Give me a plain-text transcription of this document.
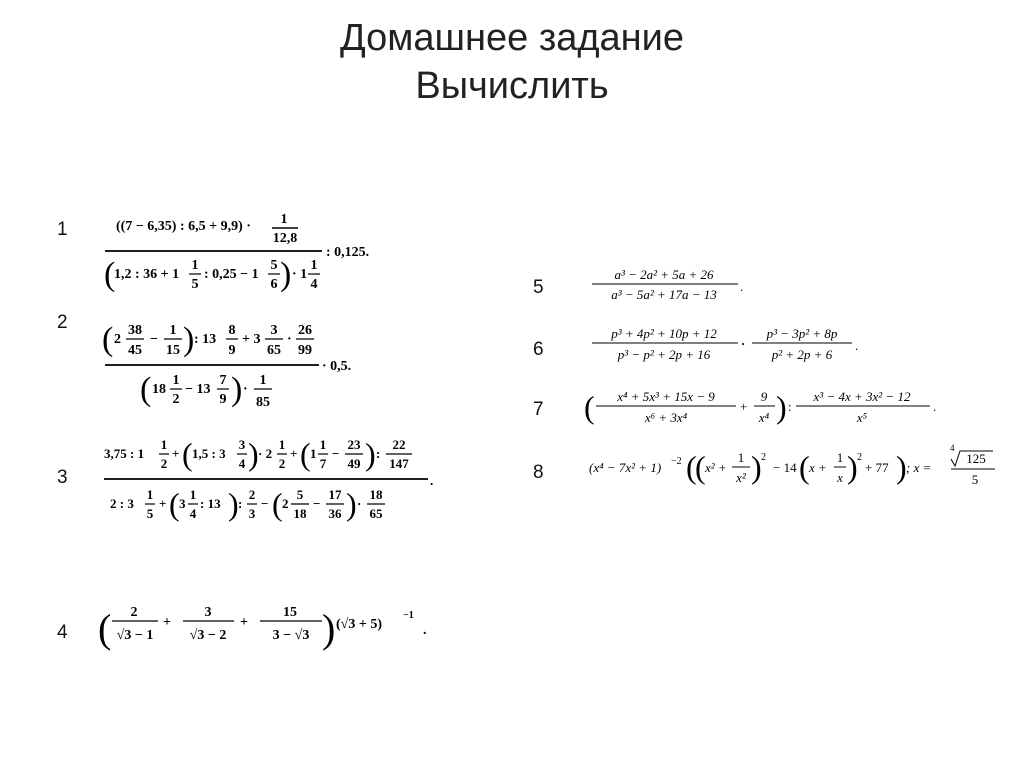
Домашнее задание
Вычислить
1
2
3
4
5
6
7
8
((7 − 6,35) : 6,5 + 9,9) · 1
12,8
: 0,125.
(
1,2 : 36 + 1
1
5
: 0,25 − 1
5
6 ) · 1
1
4
( 2
38
45
−
1
15 ) : 13
8
9
+ 3
3
65
·
26
99
· 0,5.
( 18
1
2
− 13
7
9 ) ·
1
85
3,75 : 1
1
2
+ ( 1,5 : 3
3
4 ) · 2
1
2
+ ( 1
1
7
−
23
49 ) :
22
147
.
2 : 3
1
5
+ ( 3
1
4
: 13 ) :
2
3
− ( 2
5
18
−
17
36 ) ·
18
65
( 2
√3 − 1
+
3
√3 − 2
+
15
3 − √3 ) (√3 + 5)
−1
.
a³ − 2a² + 5a + 26
a³ − 5a² + 17a − 13
.
p³ + 4p² + 10p + 12
p³ − p² + 2p + 16
·
p³ − 3p² + 8p
p² + 2p + 6
.
( x⁴ + 5x³ + 15x − 9
x⁶ + 3x⁴
+
9
x⁴ ) :
x³ − 4x + 3x² − 12
x⁵
.
(x⁴ − 7x² + 1) −2 (
( x² +
1
x² ) 2
− 14 ( x +
1
x ) 2
+ 77 ) ; x =
4
125
5
